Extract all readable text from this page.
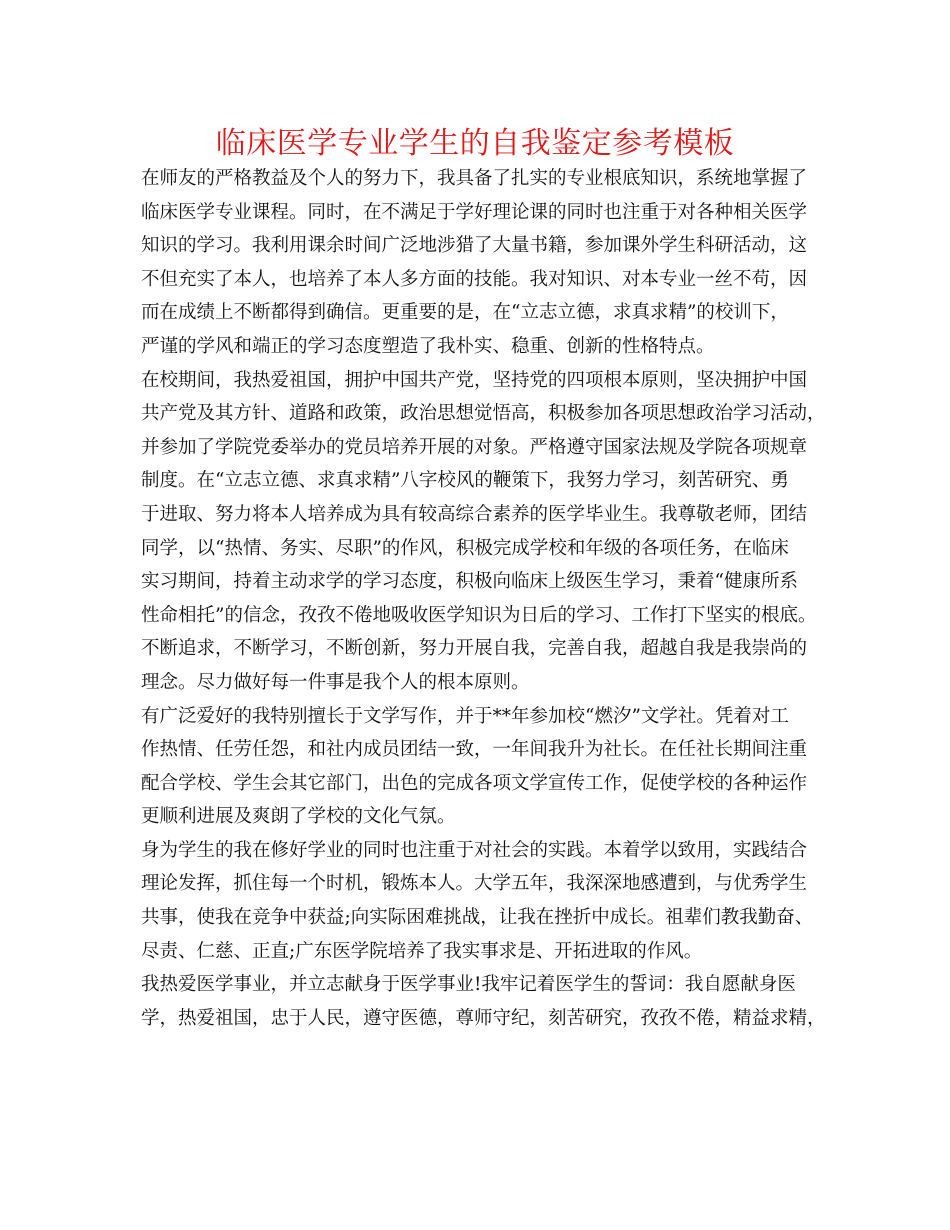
临床医学专业学生的自我鉴定参考模板
在师友的严格教益及个人的努力下，我具备了扎实的专业根底知识，系统地掌握了
临床医学专业课程。同时，在不满足于学好理论课的同时也注重于对各种相关医学
知识的学习。我利用课余时间广泛地涉猎了大量书籍，参加课外学生科研活动，这
不但充实了本人，也培养了本人多方面的技能。我对知识、对本专业一丝不苟，因
而在成绩上不断都得到确信。更重要的是，在“立志立德，求真求精”的校训下，
严谨的学风和端正的学习态度塑造了我朴实、稳重、创新的性格特点。
在校期间，我热爱祖国，拥护中国共产党，坚持党的四项根本原则，坚决拥护中国
共产党及其方针、道路和政策，政治思想觉悟高，积极参加各项思想政治学习活动，
并参加了学院党委举办的党员培养开展的对象。严格遵守国家法规及学院各项规章
制度。在“立志立德、求真求精”八字校风的鞭策下，我努力学习，刻苦研究、勇
于进取、努力将本人培养成为具有较高综合素养的医学毕业生。我尊敬老师，团结
同学，以“热情、务实、尽职”的作风，积极完成学校和年级的各项任务，在临床
实习期间，持着主动求学的学习态度，积极向临床上级医生学习，秉着“健康所系
性命相托”的信念，孜孜不倦地吸收医学知识为日后的学习、工作打下坚实的根底。
不断追求，不断学习，不断创新，努力开展自我，完善自我，超越自我是我崇尚的
理念。尽力做好每一件事是我个人的根本原则。
有广泛爱好的我特别擅长于文学写作，并于**年参加校“燃汐”文学社。凭着对工
作热情、任劳任怨，和社内成员团结一致，一年间我升为社长。在任社长期间注重
配合学校、学生会其它部门，出色的完成各项文学宣传工作，促使学校的各种运作
更顺利进展及爽朗了学校的文化气氛。
身为学生的我在修好学业的同时也注重于对社会的实践。本着学以致用，实践结合
理论发挥，抓住每一个时机，锻炼本人。大学五年，我深深地感遭到，与优秀学生
共事，使我在竞争中获益;向实际困难挑战，让我在挫折中成长。祖辈们教我勤奋、
尽责、仁慈、正直;广东医学院培养了我实事求是、开拓进取的作风。
我热爱医学事业，并立志献身于医学事业!我牢记着医学生的誓词：我自愿献身医
学，热爱祖国，忠于人民，遵守医德，尊师守纪，刻苦研究，孜孜不倦，精益求精，
